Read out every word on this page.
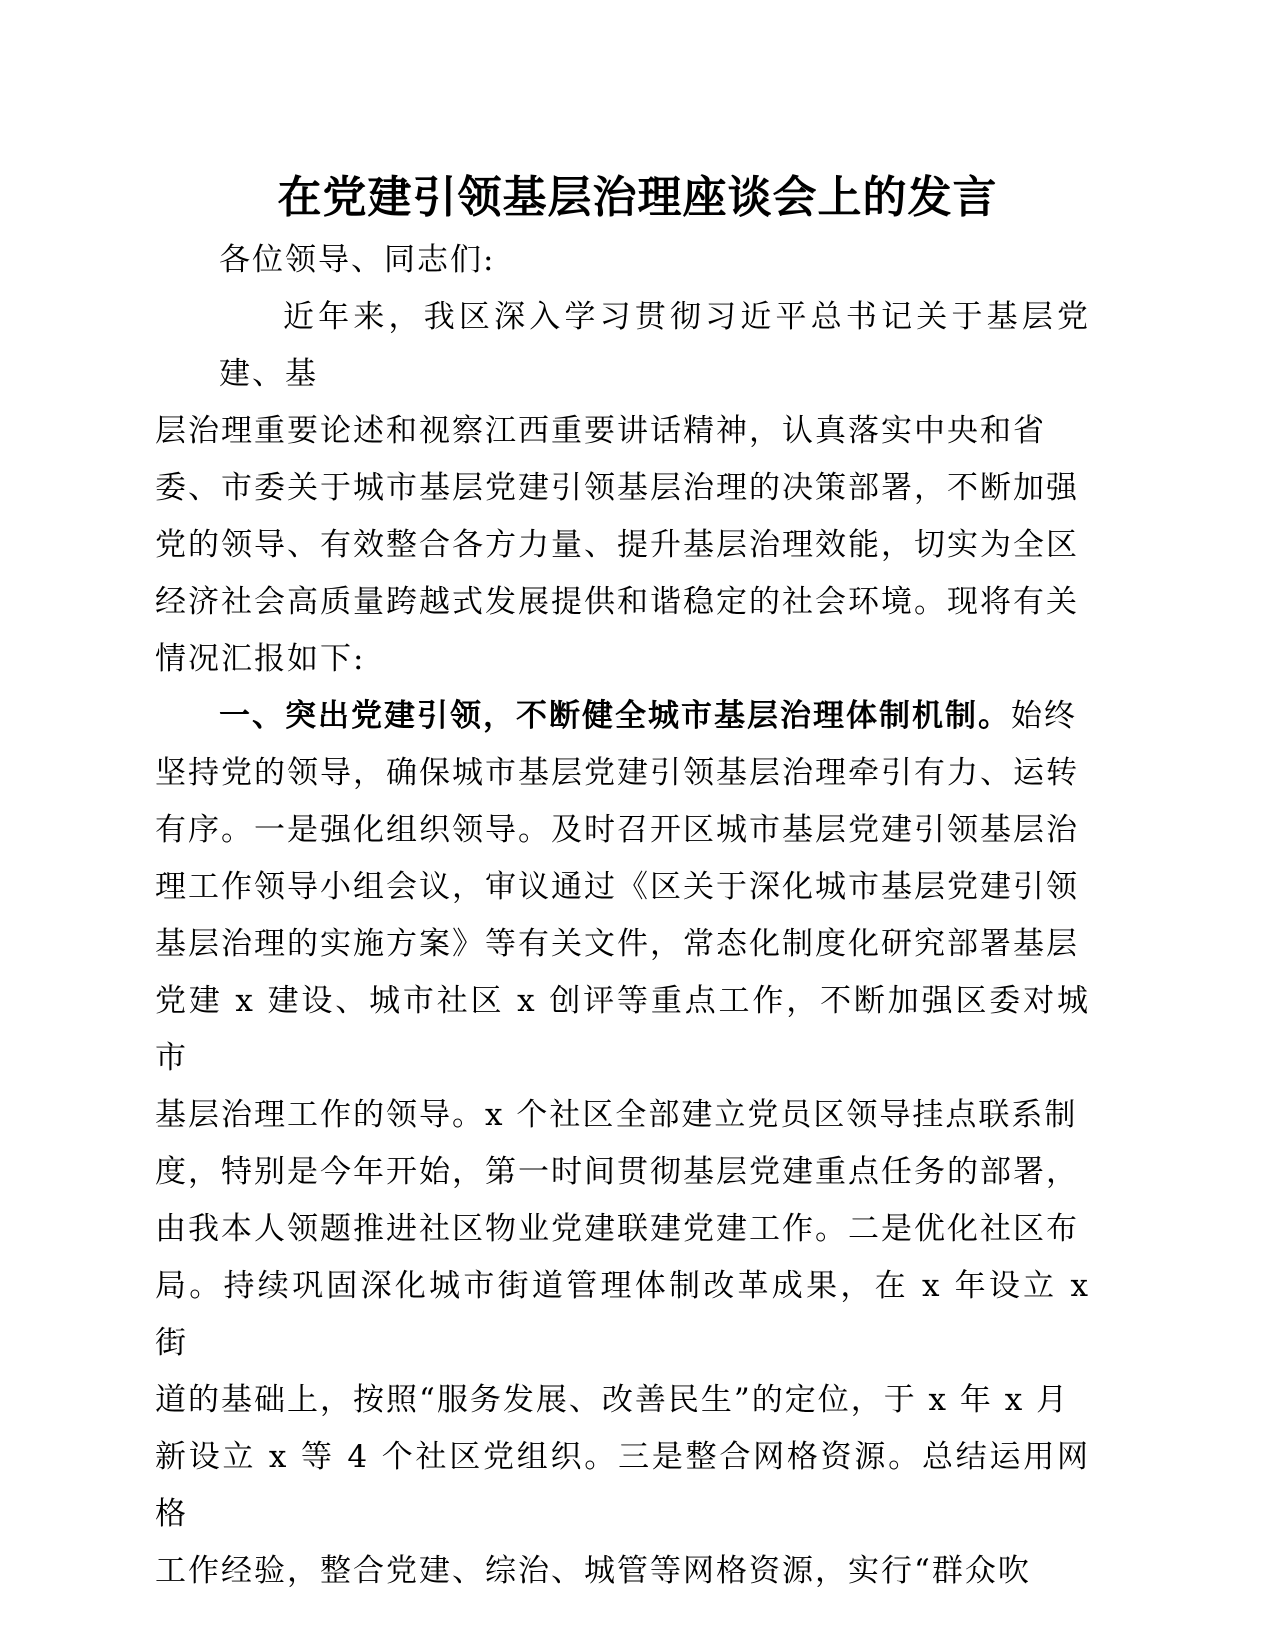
在党建引领基层治理座谈会上的发言

各位领导、同志们:

近年来，我区深入学习贯彻习近平总书记关于基层党建、基
层治理重要论述和视察江西重要讲话精神，认真落实中央和省
委、市委关于城市基层党建引领基层治理的决策部署，不断加强
党的领导、有效整合各方力量、提升基层治理效能，切实为全区
经济社会高质量跨越式发展提供和谐稳定的社会环境。现将有关
情况汇报如下:

一、突出党建引领，不断健全城市基层治理体制机制。始终
坚持党的领导，确保城市基层党建引领基层治理牵引有力、运转
有序。一是强化组织领导。及时召开区城市基层党建引领基层治
理工作领导小组会议，审议通过《区关于深化城市基层党建引领
基层治理的实施方案》等有关文件，常态化制度化研究部署基层
党建 x 建设、城市社区 x 创评等重点工作，不断加强区委对城市
基层治理工作的领导。x 个社区全部建立党员区领导挂点联系制
度，特别是今年开始，第一时间贯彻基层党建重点任务的部署，
由我本人领题推进社区物业党建联建党建工作。二是优化社区布
局。持续巩固深化城市街道管理体制改革成果，在 x 年设立 x 街
道的基础上，按照“服务发展、改善民生”的定位，于 x 年 x 月
新设立 x 等 4 个社区党组织。三是整合网格资源。总结运用网格
工作经验，整合党建、综治、城管等网格资源，实行“群众吹
